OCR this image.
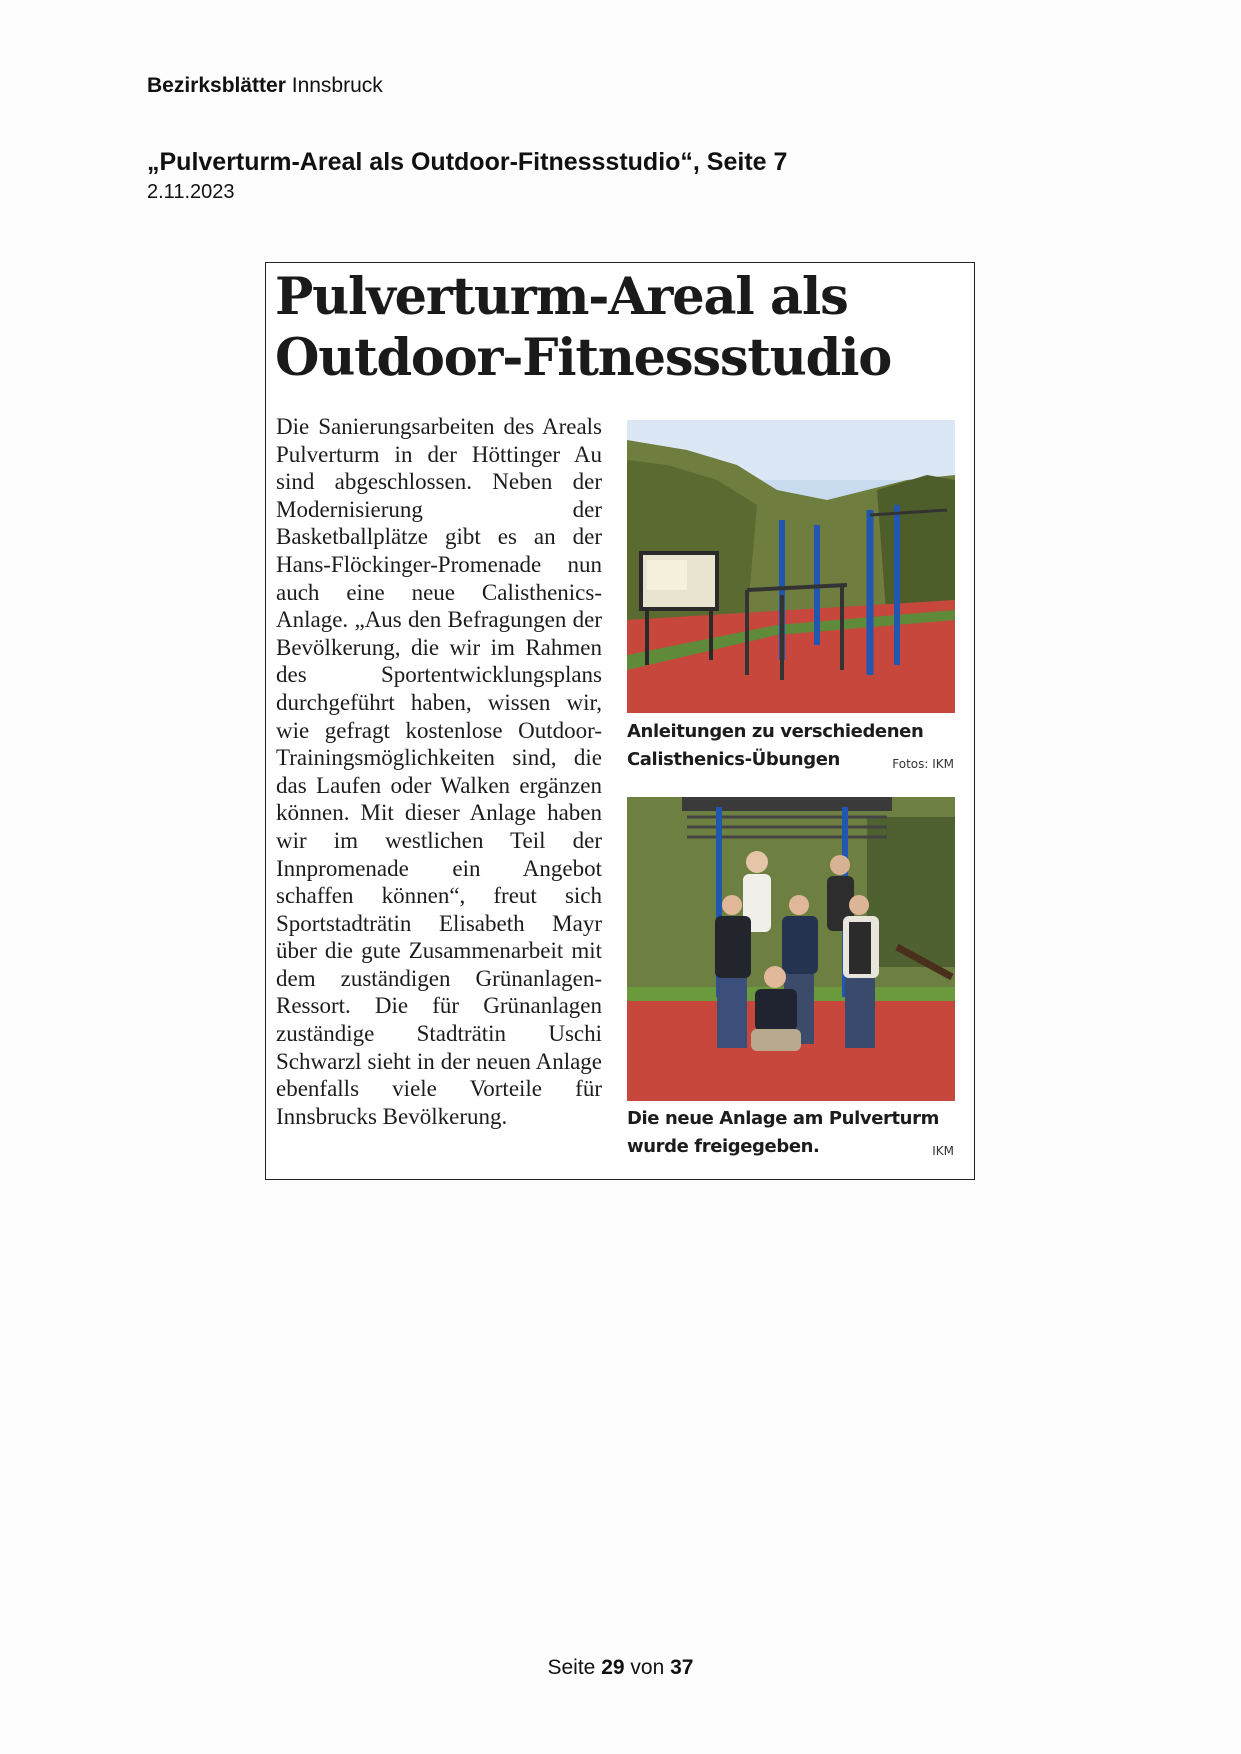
Bezirksblätter Innsbruck
„Pulverturm-Areal als Outdoor-Fitnessstudio“, Seite 7
2.11.2023
Pulverturm-Areal als
Outdoor-Fitnessstudio
Die Sanierungsarbeiten des Areals Pulverturm in der Höttinger Au sind abgeschlossen. Neben der Modernisierung der Basketballplätze gibt es an der Hans-Flöckinger-Promenade nun auch eine neue Calisthenics-Anlage. „Aus den Befragungen der Bevölkerung, die wir im Rahmen des Sportentwicklungsplans durchgeführt haben, wissen wir, wie gefragt kostenlose Outdoor-Trainingsmöglichkeiten sind, die das Laufen oder Walken ergänzen können. Mit dieser Anlage haben wir im westlichen Teil der Innpromenade ein Angebot schaffen können“, freut sich Sportstadträtin Elisabeth Mayr über die gute Zusammenarbeit mit dem zuständigen Grünanlagen-Ressort. Die für Grünanlagen zuständige Stadträtin Uschi Schwarzl sieht in der neuen Anlage ebenfalls viele Vorteile für Innsbrucks Bevölkerung.
Anleitungen zu verschiedenen
Calisthenics-Übungen	Fotos: IKM
Die neue Anlage am Pulverturm
wurde freigegeben.	IKM
Seite 29 von 37
